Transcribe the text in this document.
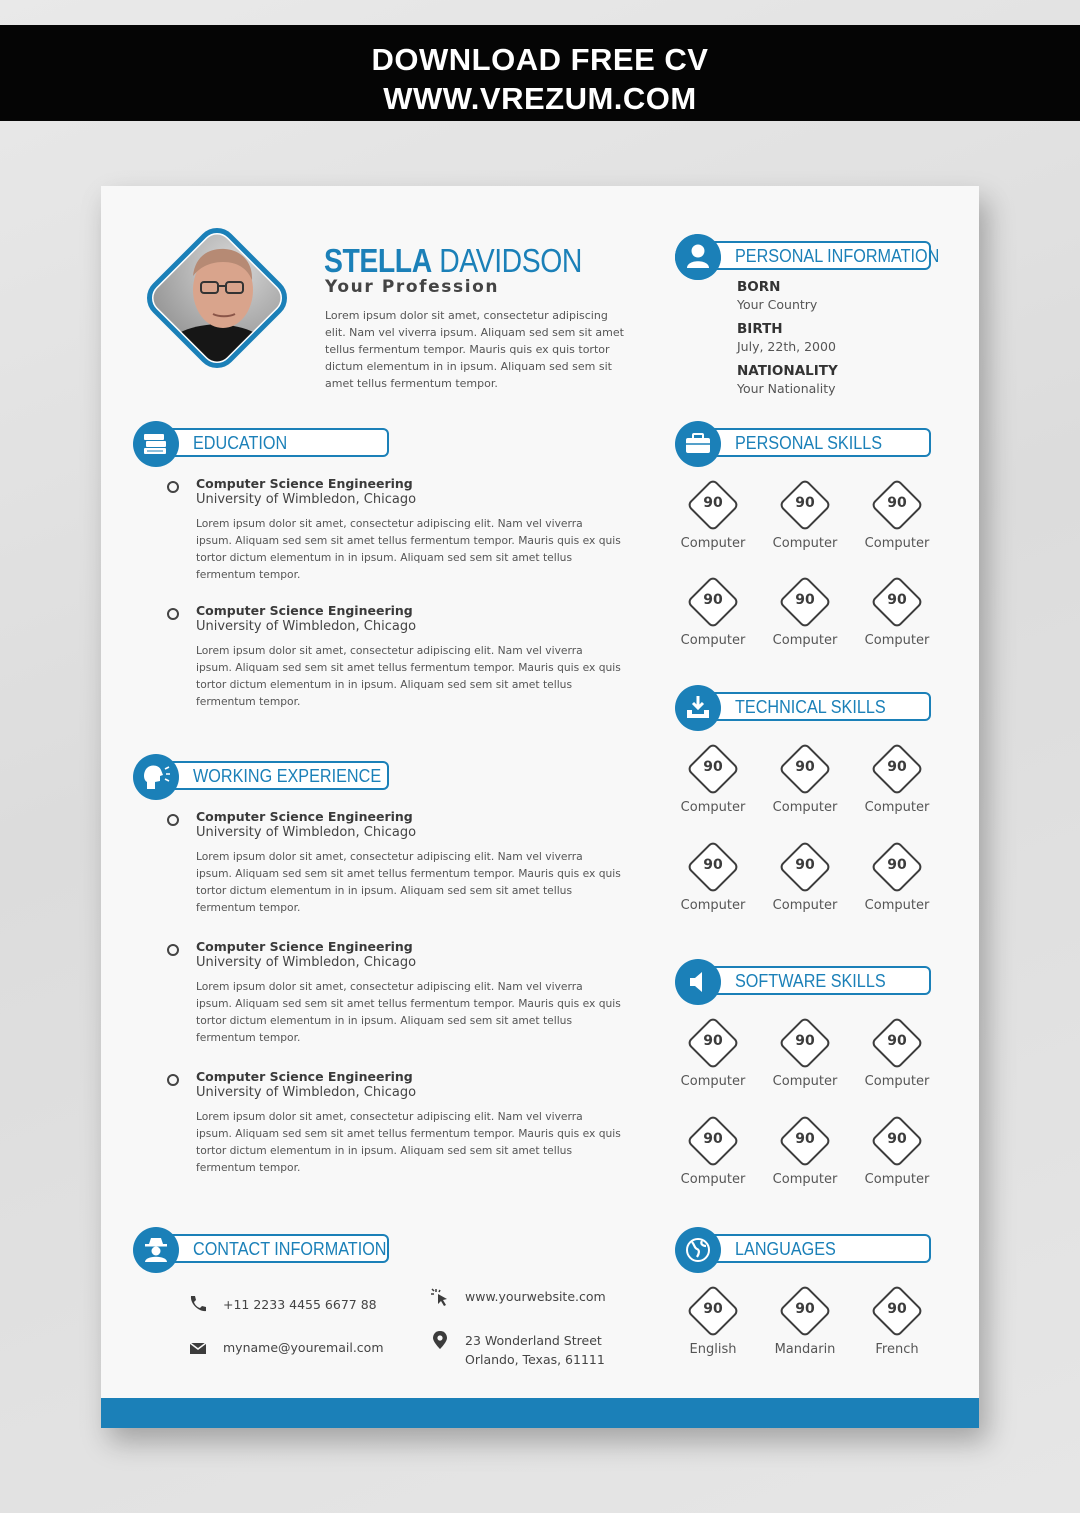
DOWNLOAD FREE CV
WWW.VREZUM.COM
STELLA DAVIDSON
Your Profession
Lorem ipsum dolor sit amet, consectetur adipiscing elit. Nam vel viverra ipsum. Aliquam sed sem sit amet tellus fermentum tempor. Mauris quis ex quis tortor dictum elementum in in ipsum. Aliquam sed sem sit amet tellus fermentum tempor.
PERSONAL INFORMATION
BORN
Your Country
BIRTH
July, 22th, 2000
NATIONALITY
Your Nationality
EDUCATION
Computer Science Engineering
University of Wimbledon, Chicago
Lorem ipsum dolor sit amet, consectetur adipiscing elit. Nam vel viverra ipsum. Aliquam sed sem sit amet tellus fermentum tempor. Mauris quis ex quis tortor dictum elementum in in ipsum. Aliquam sed sem sit amet tellus fermentum tempor.
Computer Science Engineering
University of Wimbledon, Chicago
Lorem ipsum dolor sit amet, consectetur adipiscing elit. Nam vel viverra ipsum. Aliquam sed sem sit amet tellus fermentum tempor. Mauris quis ex quis tortor dictum elementum in in ipsum. Aliquam sed sem sit amet tellus fermentum tempor.
PERSONAL SKILLS
90
Computer
90
Computer
90
Computer
90
Computer
90
Computer
90
Computer
TECHNICAL SKILLS
90
Computer
90
Computer
90
Computer
90
Computer
90
Computer
90
Computer
WORKING EXPERIENCE
Computer Science Engineering
University of Wimbledon, Chicago
Lorem ipsum dolor sit amet, consectetur adipiscing elit. Nam vel viverra ipsum. Aliquam sed sem sit amet tellus fermentum tempor. Mauris quis ex quis tortor dictum elementum in in ipsum. Aliquam sed sem sit amet tellus fermentum tempor.
Computer Science Engineering
University of Wimbledon, Chicago
Lorem ipsum dolor sit amet, consectetur adipiscing elit. Nam vel viverra ipsum. Aliquam sed sem sit amet tellus fermentum tempor. Mauris quis ex quis tortor dictum elementum in in ipsum. Aliquam sed sem sit amet tellus fermentum tempor.
Computer Science Engineering
University of Wimbledon, Chicago
Lorem ipsum dolor sit amet, consectetur adipiscing elit. Nam vel viverra ipsum. Aliquam sed sem sit amet tellus fermentum tempor. Mauris quis ex quis tortor dictum elementum in in ipsum. Aliquam sed sem sit amet tellus fermentum tempor.
SOFTWARE SKILLS
90
Computer
90
Computer
90
Computer
90
Computer
90
Computer
90
Computer
CONTACT INFORMATION
+11 2233 4455 6677 88
myname@youremail.com
www.yourwebsite.com
23 Wonderland Street
Orlando, Texas, 61111
LANGUAGES
90
English
90
Mandarin
90
French
